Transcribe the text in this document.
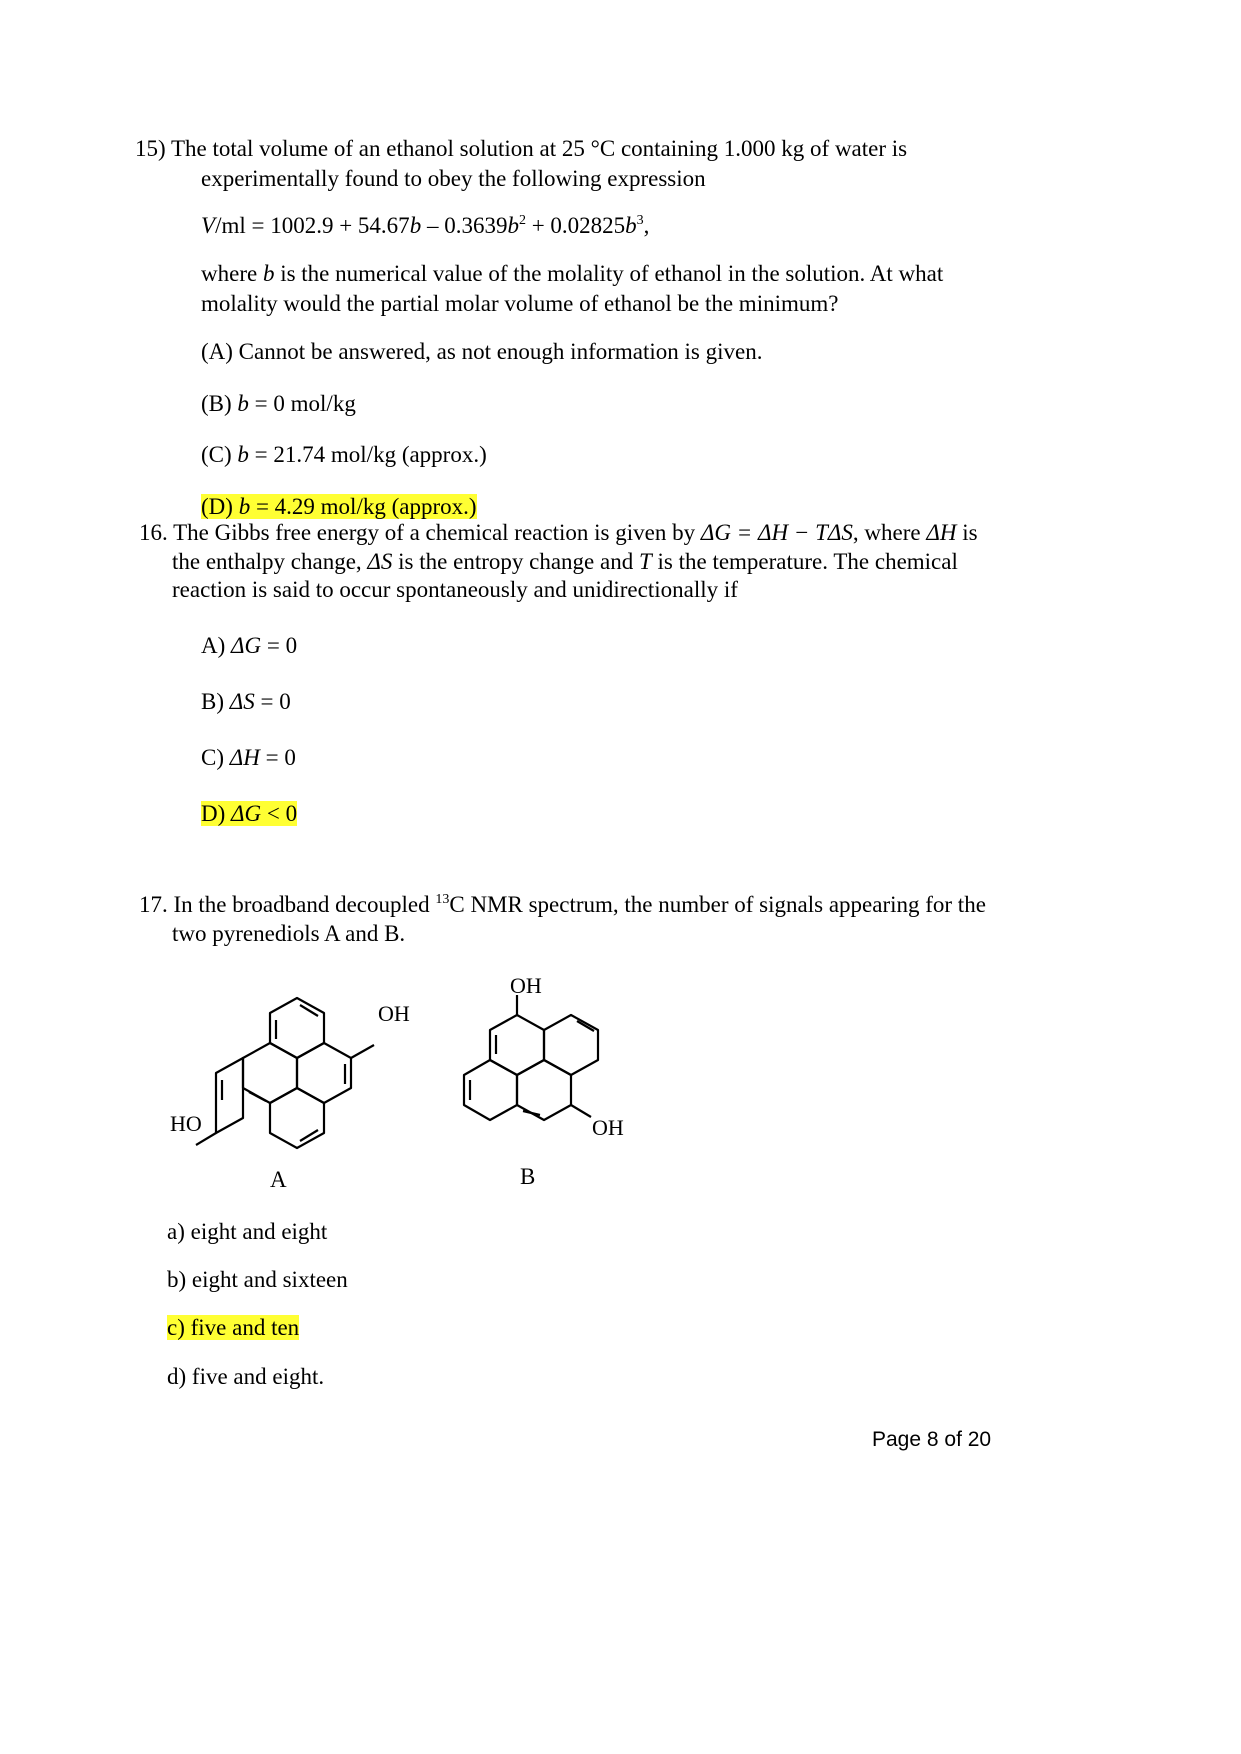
15) The total volume of an ethanol solution at 25 °C containing 1.000 kg of water is
experimentally found to obey the following expression
$V/ml = 1002.9 + 54.67b - 0.3639b^2 + 0.02825b^3$,
where b is the numerical value of the molality of ethanol in the solution. At what
molality would the partial molar volume of ethanol be the minimum?
(A) Cannot be answered, as not enough information is given.
(B) b = 0 mol/kg
(C) b = 21.74 mol/kg (approx.)
(D) b = 4.29 mol/kg (approx.)
16. The Gibbs free energy of a chemical reaction is given by ΔG = ΔH − TΔS, where ΔH is
the enthalpy change, ΔS is the entropy change and T is the temperature. The chemical
reaction is said to occur spontaneously and unidirectionally if
A) ΔG = 0
B) ΔS = 0
C) ΔH = 0
D) ΔG < 0
17. In the broadband decoupled $^{13}$C NMR spectrum, the number of signals appearing for the
two pyrenediols A and B.
OH
HO
A
OH
OH
B
a) eight and eight
b) eight and sixteen
c) five and ten
d) five and eight.
Page 8 of 20
